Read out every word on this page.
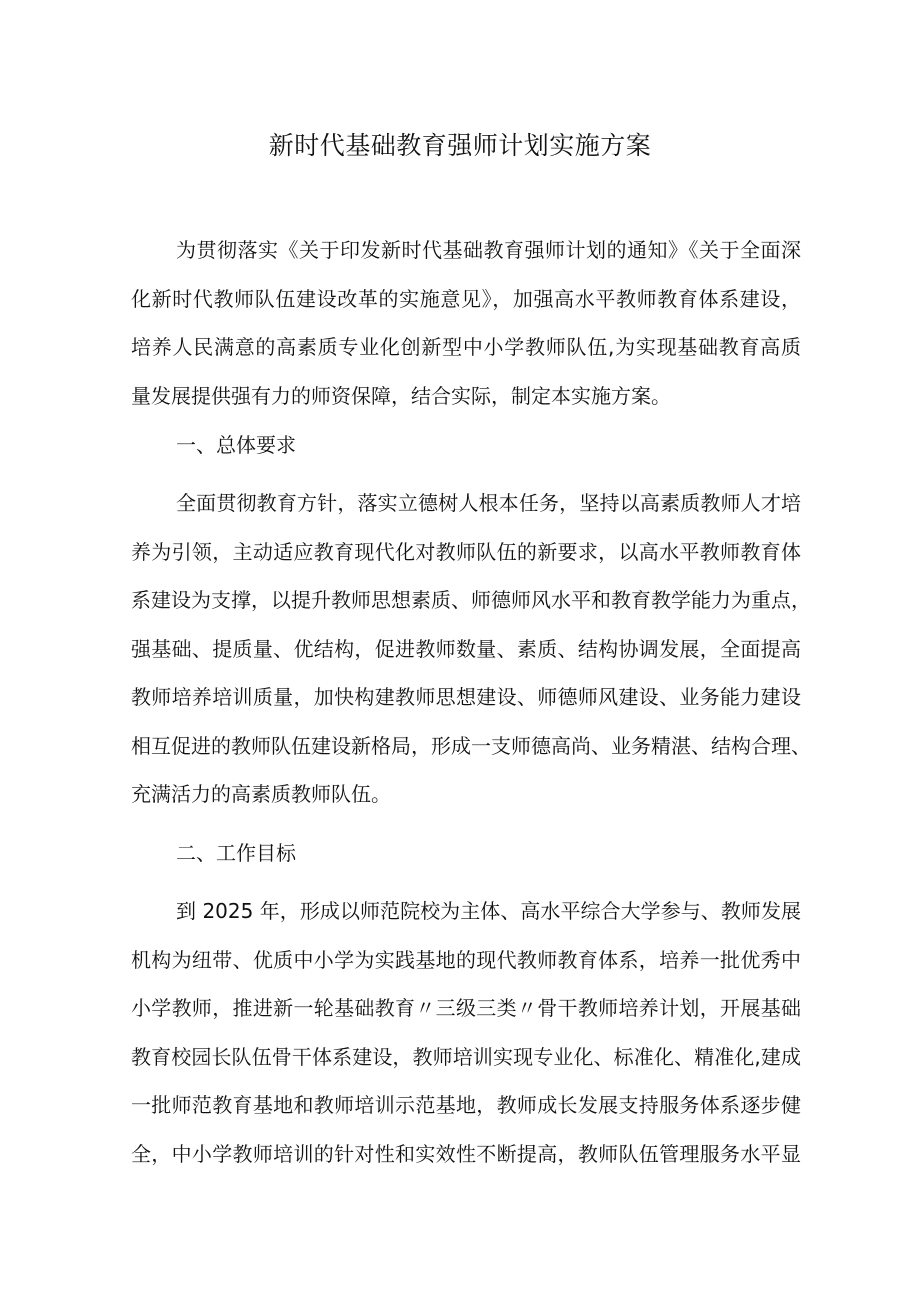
新时代基础教育强师计划实施方案
为贯彻落实《关于印发新时代基础教育强师计划的通知》《关于全面深
化新时代教师队伍建设改革的实施意见》，加强高水平教师教育体系建设，
培养人民满意的高素质专业化创新型中小学教师队伍,为实现基础教育高质
量发展提供强有力的师资保障，结合实际，制定本实施方案。
一、总体要求
全面贯彻教育方针，落实立德树人根本任务，坚持以高素质教师人才培
养为引领，主动适应教育现代化对教师队伍的新要求，以高水平教师教育体
系建设为支撑，以提升教师思想素质、师德师风水平和教育教学能力为重点，
强基础、提质量、优结构，促进教师数量、素质、结构协调发展，全面提高
教师培养培训质量，加快构建教师思想建设、师德师风建设、业务能力建设
相互促进的教师队伍建设新格局，形成一支师德高尚、业务精湛、结构合理、
充满活力的高素质教师队伍。
二、工作目标
到 2025 年，形成以师范院校为主体、高水平综合大学参与、教师发展
机构为纽带、优质中小学为实践基地的现代教师教育体系，培养一批优秀中
小学教师，推进新一轮基础教育〃三级三类〃骨干教师培养计划，开展基础
教育校园长队伍骨干体系建设，教师培训实现专业化、标准化、精准化,建成
一批师范教育基地和教师培训示范基地，教师成长发展支持服务体系逐步健
全，中小学教师培训的针对性和实效性不断提高，教师队伍管理服务水平显
